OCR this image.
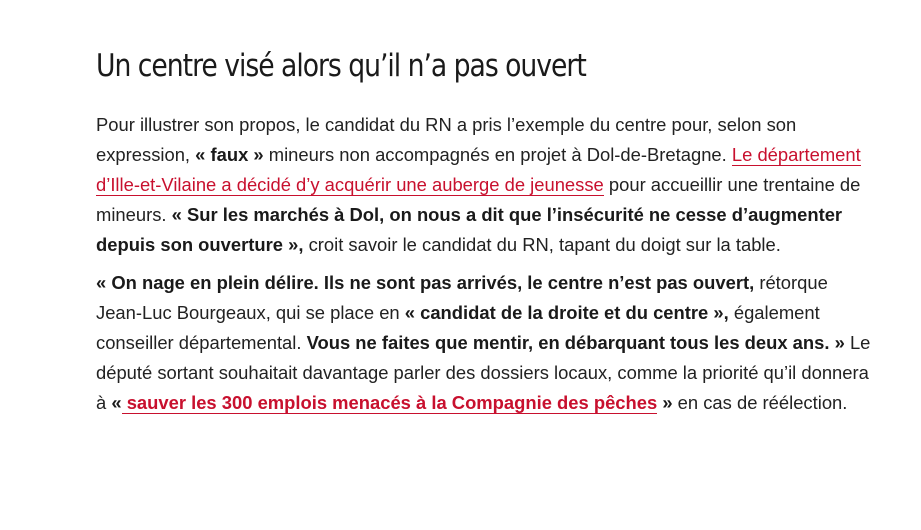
Un centre visé alors qu’il n’a pas ouvert

Pour illustrer son propos, le candidat du RN a pris l’exemple du centre pour, selon son expression, « faux » mineurs non accompagnés en projet à Dol-de-Bretagne. Le département d’Ille-et-Vilaine a décidé d’y acquérir une auberge de jeunesse pour accueillir une trentaine de mineurs. « Sur les marchés à Dol, on nous a dit que l’insécurité ne cesse d’augmenter depuis son ouverture », croit savoir le candidat du RN, tapant du doigt sur la table.

« On nage en plein délire. Ils ne sont pas arrivés, le centre n’est pas ouvert, rétorque Jean-Luc Bourgeaux, qui se place en « candidat de la droite et du centre », également conseiller départemental. Vous ne faites que mentir, en débarquant tous les deux ans. » Le député sortant souhaitait davantage parler des dossiers locaux, comme la priorité qu’il donnera à « sauver les 300 emplois menacés à la Compagnie des pêches » en cas de réélection.
